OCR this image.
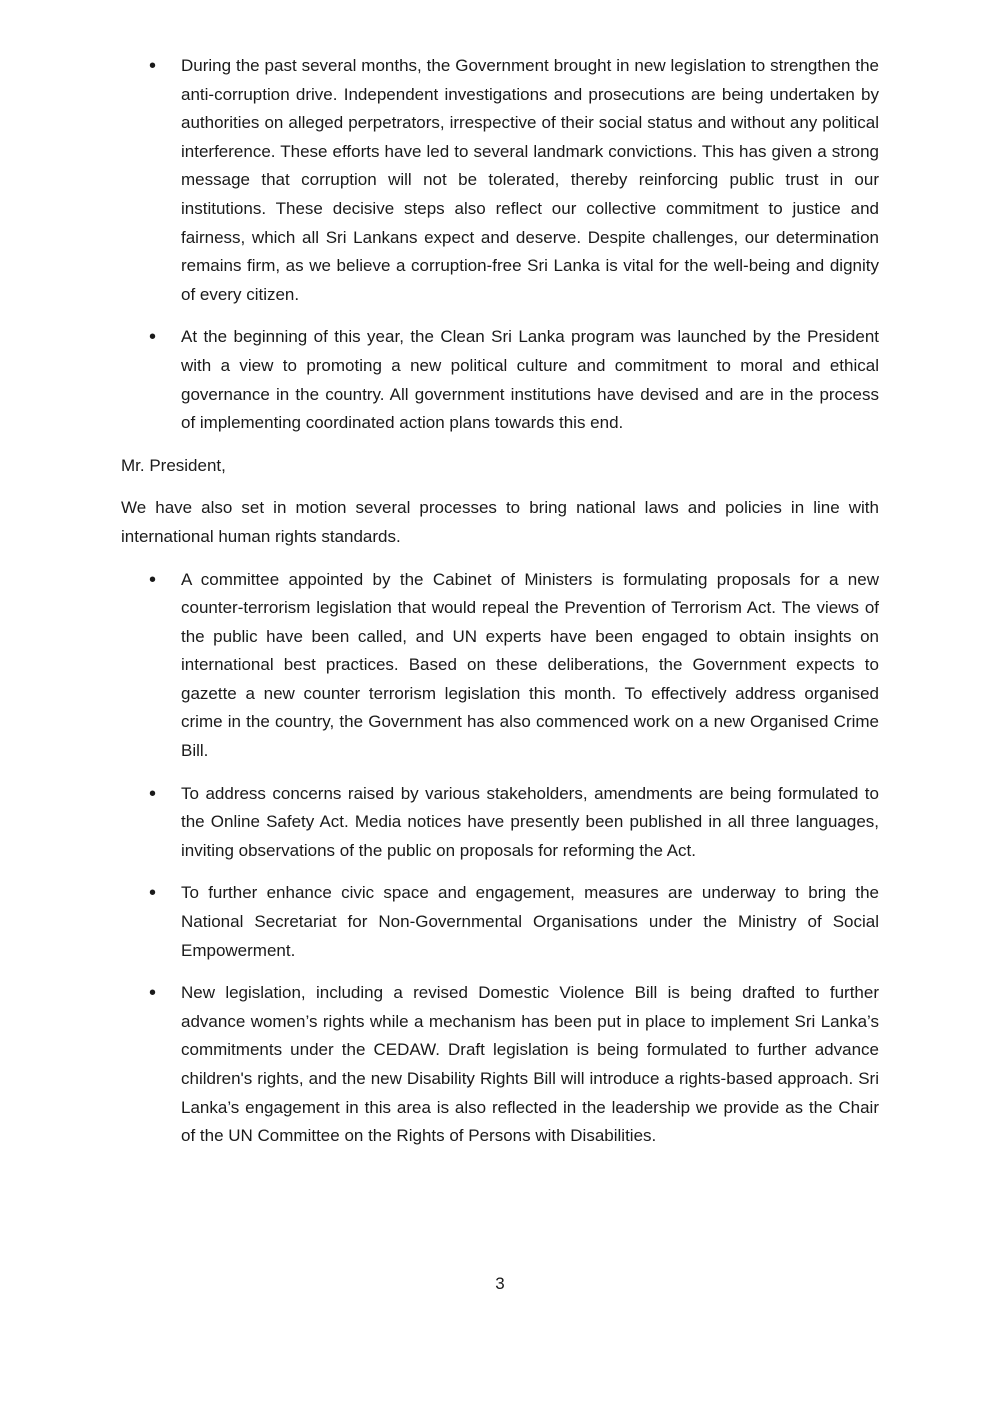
• During the past several months, the Government brought in new legislation to strengthen the anti-corruption drive. Independent investigations and prosecutions are being undertaken by authorities on alleged perpetrators, irrespective of their social status and without any political interference. These efforts have led to several landmark convictions. This has given a strong message that corruption will not be tolerated, thereby reinforcing public trust in our institutions. These decisive steps also reflect our collective commitment to justice and fairness, which all Sri Lankans expect and deserve. Despite challenges, our determination remains firm, as we believe a corruption-free Sri Lanka is vital for the well-being and dignity of every citizen.
• At the beginning of this year, the Clean Sri Lanka program was launched by the President with a view to promoting a new political culture and commitment to moral and ethical governance in the country. All government institutions have devised and are in the process of implementing coordinated action plans towards this end.

Mr. President,

We have also set in motion several processes to bring national laws and policies in line with international human rights standards.

• A committee appointed by the Cabinet of Ministers is formulating proposals for a new counter-terrorism legislation that would repeal the Prevention of Terrorism Act. The views of the public have been called, and UN experts have been engaged to obtain insights on international best practices. Based on these deliberations, the Government expects to gazette a new counter terrorism legislation this month. To effectively address organised crime in the country, the Government has also commenced work on a new Organised Crime Bill.
• To address concerns raised by various stakeholders, amendments are being formulated to the Online Safety Act. Media notices have presently been published in all three languages, inviting observations of the public on proposals for reforming the Act.
• To further enhance civic space and engagement, measures are underway to bring the National Secretariat for Non-Governmental Organisations under the Ministry of Social Empowerment.
• New legislation, including a revised Domestic Violence Bill is being drafted to further advance women’s rights while a mechanism has been put in place to implement Sri Lanka’s commitments under the CEDAW. Draft legislation is being formulated to further advance children's rights, and the new Disability Rights Bill will introduce a rights-based approach. Sri Lanka’s engagement in this area is also reflected in the leadership we provide as the Chair of the UN Committee on the Rights of Persons with Disabilities.
3
